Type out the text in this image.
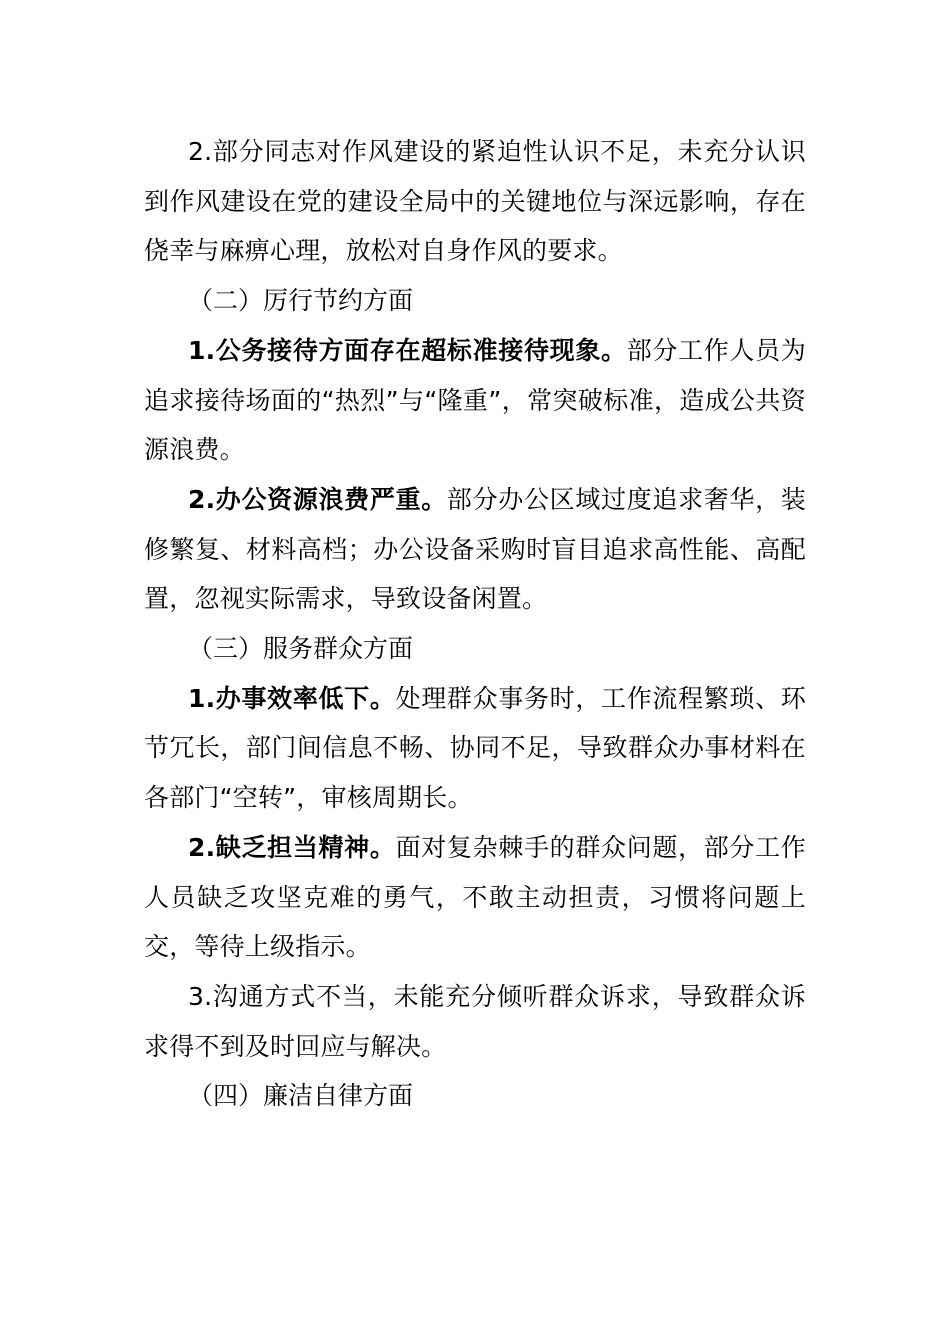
2.部分同志对作风建设的紧迫性认识不足，未充分认识到作风建设在党的建设全局中的关键地位与深远影响，存在侥幸与麻痹心理，放松对自身作风的要求。

（二）厉行节约方面

1.公务接待方面存在超标准接待现象。部分工作人员为追求接待场面的“热烈”与“隆重”，常突破标准，造成公共资源浪费。

2.办公资源浪费严重。部分办公区域过度追求奢华，装修繁复、材料高档；办公设备采购时盲目追求高性能、高配置，忽视实际需求，导致设备闲置。

（三）服务群众方面

1.办事效率低下。处理群众事务时，工作流程繁琐、环节冗长，部门间信息不畅、协同不足，导致群众办事材料在各部门“空转”，审核周期长。

2.缺乏担当精神。面对复杂棘手的群众问题，部分工作人员缺乏攻坚克难的勇气，不敢主动担责，习惯将问题上交，等待上级指示。

3.沟通方式不当，未能充分倾听群众诉求，导致群众诉求得不到及时回应与解决。

（四）廉洁自律方面
